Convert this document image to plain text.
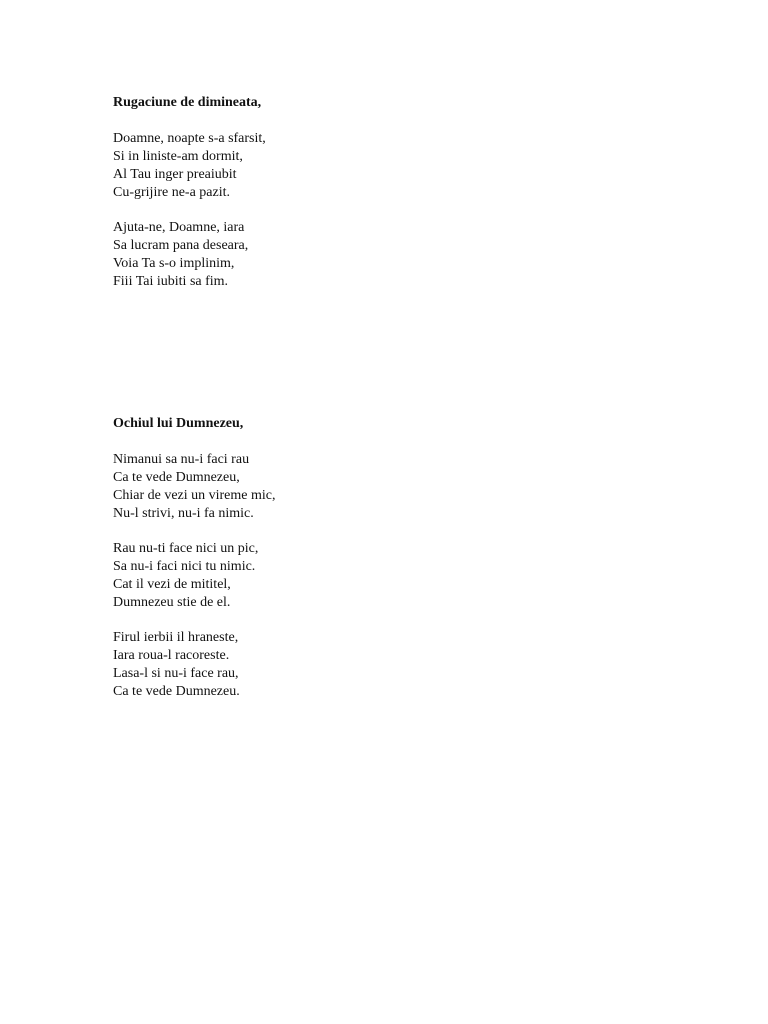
Rugaciune de dimineata,
Doamne, noapte s-a sfarsit,
Si in liniste-am dormit,
Al Tau inger preaiubit
Cu-grijire ne-a pazit.
Ajuta-ne, Doamne, iara
Sa lucram pana deseara,
Voia Ta s-o implinim,
Fiii Tai iubiti sa fim.
Ochiul lui Dumnezeu,
Nimanui sa nu-i faci rau
Ca te vede Dumnezeu,
Chiar de vezi un vireme mic,
Nu-l strivi, nu-i fa nimic.
Rau nu-ti face nici un pic,
Sa nu-i faci nici tu nimic.
Cat il vezi de mititel,
Dumnezeu stie de el.
Firul ierbii il hraneste,
Iara roua-l racoreste.
Lasa-l si nu-i face rau,
Ca te vede Dumnezeu.
